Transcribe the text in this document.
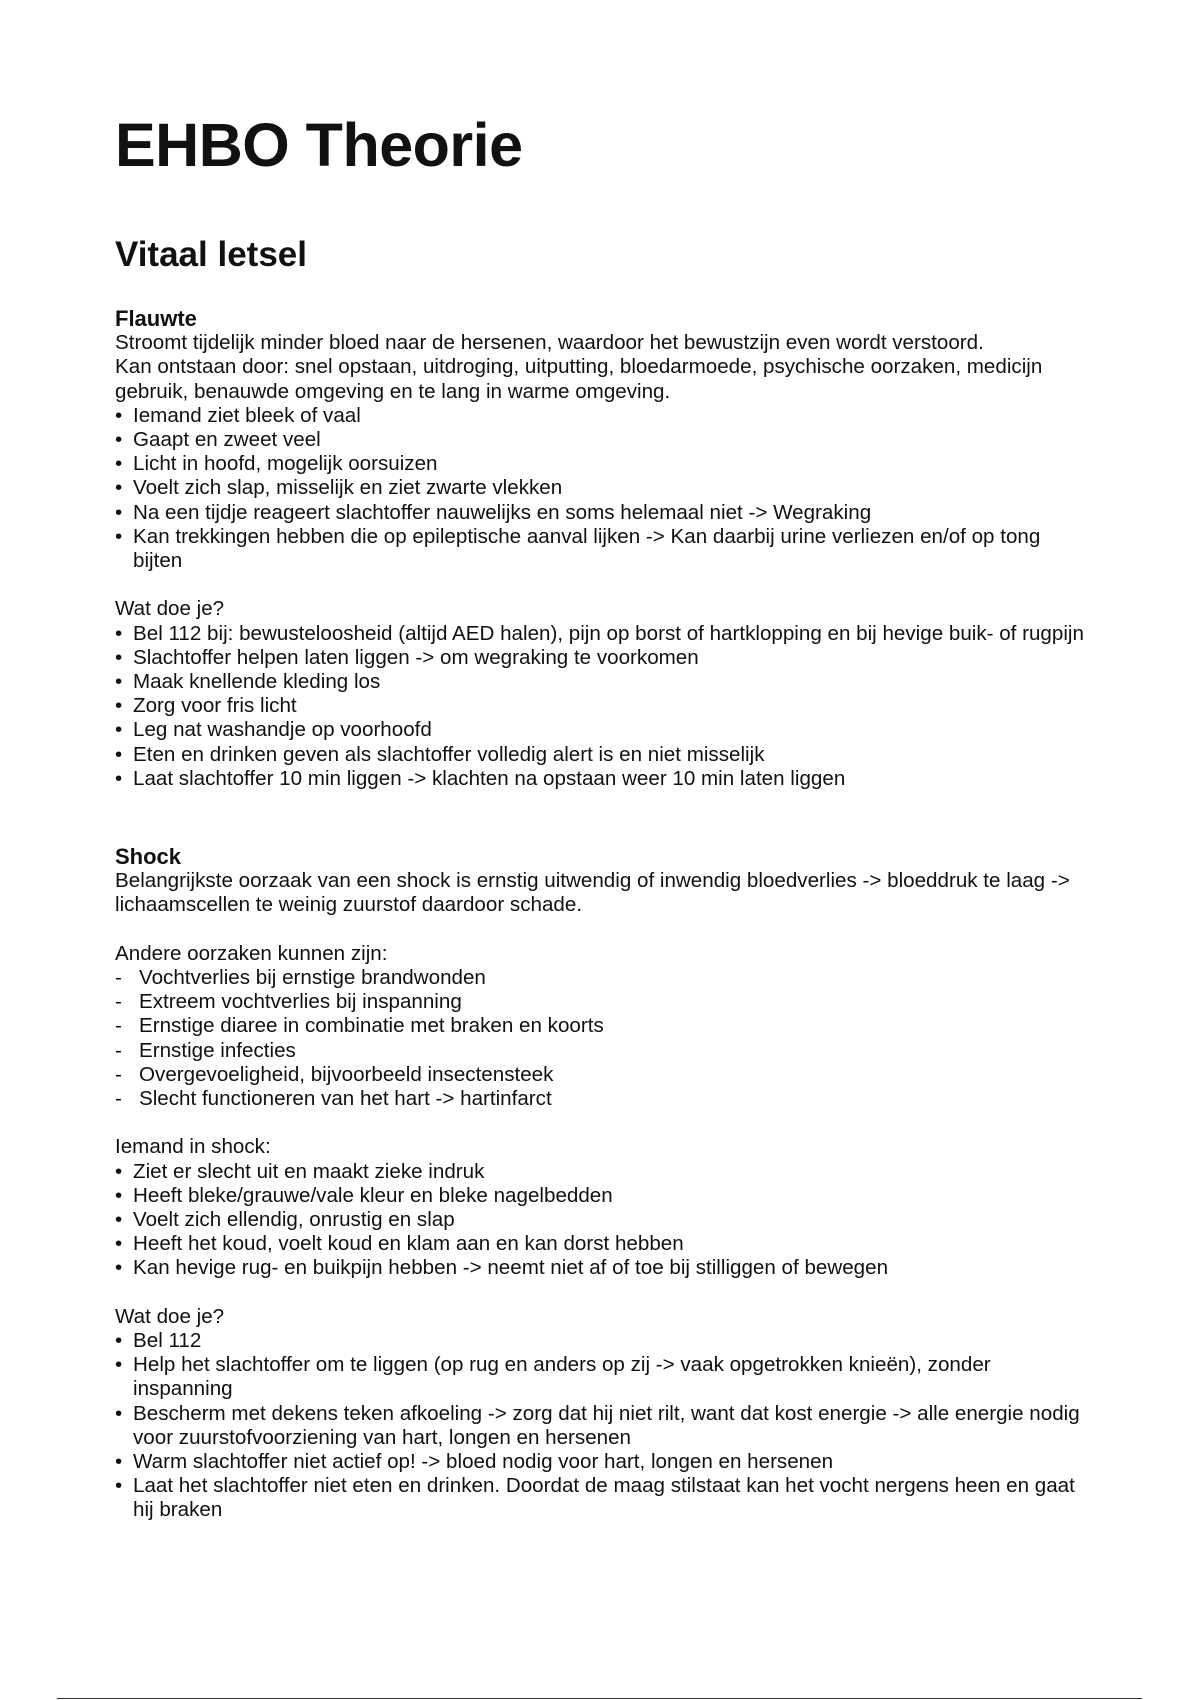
EHBO Theorie
Vitaal letsel
Flauwte

Stroomt tijdelijk minder bloed naar de hersenen, waardoor het bewustzijn even wordt verstoord.

Kan ontstaan door: snel opstaan, uitdroging, uitputting, bloedarmoede, psychische oorzaken, medicijn gebruik, benauwde omgeving en te lang in warme omgeving.

• Iemand ziet bleek of vaal
• Gaapt en zweet veel
• Licht in hoofd, mogelijk oorsuizen
• Voelt zich slap, misselijk en ziet zwarte vlekken
• Na een tijdje reageert slachtoffer nauwelijks en soms helemaal niet -> Wegraking
• Kan trekkingen hebben die op epileptische aanval lijken -> Kan daarbij urine verliezen en/of op tong bijten

Wat doe je?

• Bel 112 bij: bewusteloosheid (altijd AED halen), pijn op borst of hartklopping en bij hevige buik- of rugpijn
• Slachtoffer helpen laten liggen -> om wegraking te voorkomen
• Maak knellende kleding los
• Zorg voor fris licht
• Leg nat washandje op voorhoofd
• Eten en drinken geven als slachtoffer volledig alert is en niet misselijk
• Laat slachtoffer 10 min liggen -> klachten na opstaan weer 10 min laten liggen
Shock

Belangrijkste oorzaak van een shock is ernstig uitwendig of inwendig bloedverlies -> bloeddruk te laag -> lichaamscellen te weinig zuurstof daardoor schade.

Andere oorzaken kunnen zijn:

- Vochtverlies bij ernstige brandwonden
- Extreem vochtverlies bij inspanning
- Ernstige diaree in combinatie met braken en koorts
- Ernstige infecties
- Overgevoeligheid, bijvoorbeeld insectensteek
- Slecht functioneren van het hart -> hartinfarct

Iemand in shock:

• Ziet er slecht uit en maakt zieke indruk
• Heeft bleke/grauwe/vale kleur en bleke nagelbedden
• Voelt zich ellendig, onrustig en slap
• Heeft het koud, voelt koud en klam aan en kan dorst hebben
• Kan hevige rug- en buikpijn hebben -> neemt niet af of toe bij stilliggen of bewegen

Wat doe je?

• Bel 112
• Help het slachtoffer om te liggen (op rug en anders op zij -> vaak opgetrokken knieën), zonder inspanning
• Bescherm met dekens teken afkoeling -> zorg dat hij niet rilt, want dat kost energie -> alle energie nodig voor zuurstofvoorziening van hart, longen en hersenen
• Warm slachtoffer niet actief op! -> bloed nodig voor hart, longen en hersenen
• Laat het slachtoffer niet eten en drinken. Doordat de maag stilstaat kan het vocht nergens heen en gaat hij braken
